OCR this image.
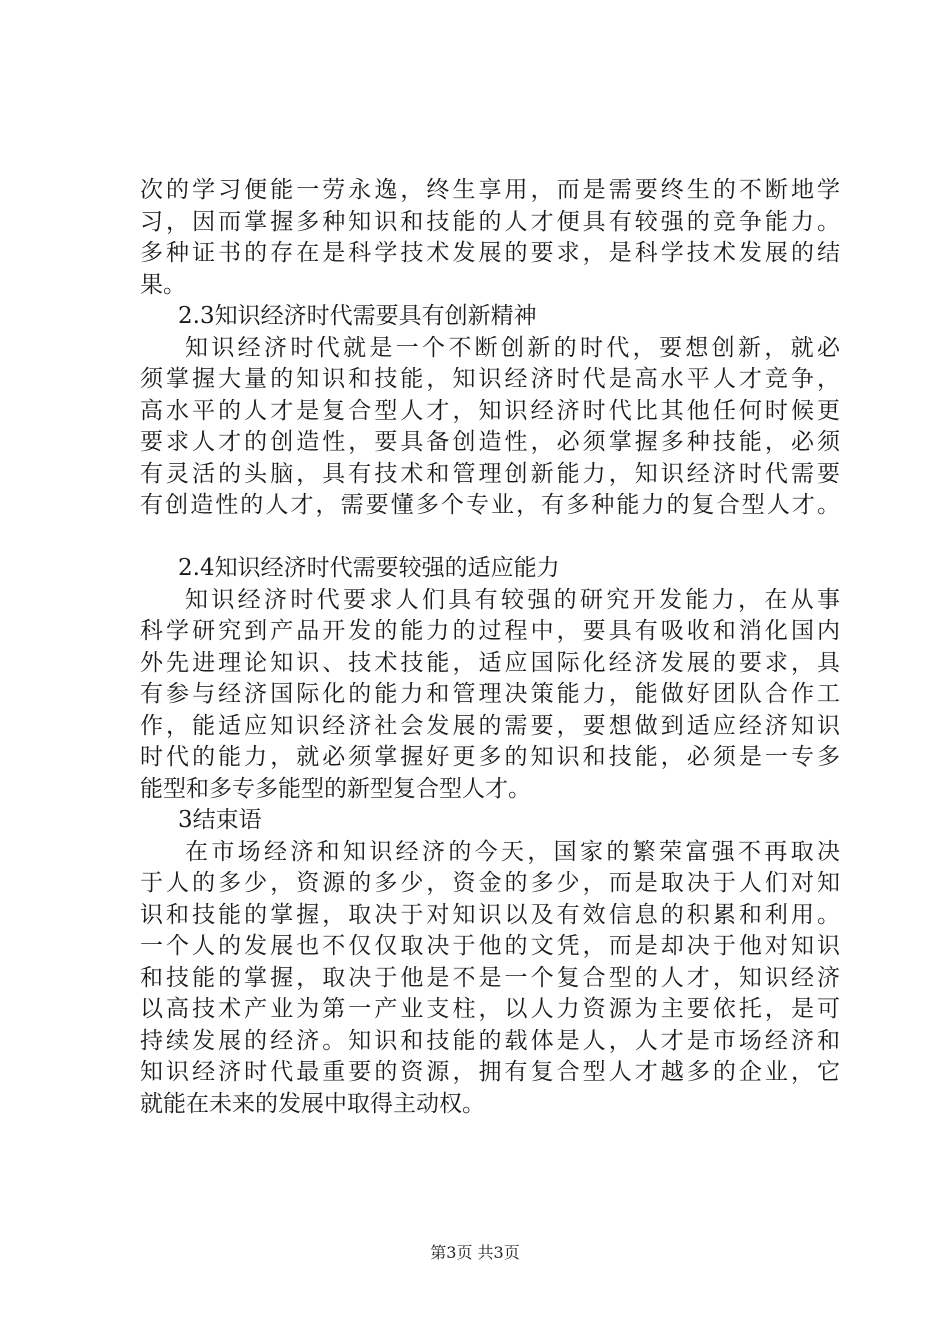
次的学习便能一劳永逸，终生享用，而是需要终生的不断地学
习，因而掌握多种知识和技能的人才便具有较强的竞争能力。
多种证书的存在是科学技术发展的要求，是科学技术发展的结
果。
2.3知识经济时代需要具有创新精神
知识经济时代就是一个不断创新的时代，要想创新，就必
须掌握大量的知识和技能，知识经济时代是高水平人才竞争，
高水平的人才是复合型人才，知识经济时代比其他任何时候更
要求人才的创造性，要具备创造性，必须掌握多种技能，必须
有灵活的头脑，具有技术和管理创新能力，知识经济时代需要
有创造性的人才，需要懂多个专业，有多种能力的复合型人才。
2.4知识经济时代需要较强的适应能力
知识经济时代要求人们具有较强的研究开发能力，在从事
科学研究到产品开发的能力的过程中，要具有吸收和消化国内
外先进理论知识、技术技能，适应国际化经济发展的要求，具
有参与经济国际化的能力和管理决策能力，能做好团队合作工
作，能适应知识经济社会发展的需要，要想做到适应经济知识
时代的能力，就必须掌握好更多的知识和技能，必须是一专多
能型和多专多能型的新型复合型人才。
3结束语
在市场经济和知识经济的今天，国家的繁荣富强不再取决
于人的多少，资源的多少，资金的多少，而是取决于人们对知
识和技能的掌握，取决于对知识以及有效信息的积累和利用。
一个人的发展也不仅仅取决于他的文凭，而是却决于他对知识
和技能的掌握，取决于他是不是一个复合型的人才，知识经济
以高技术产业为第一产业支柱，以人力资源为主要依托，是可
持续发展的经济。知识和技能的载体是人，人才是市场经济和
知识经济时代最重要的资源，拥有复合型人才越多的企业，它
就能在未来的发展中取得主动权。
第3页 共3页
